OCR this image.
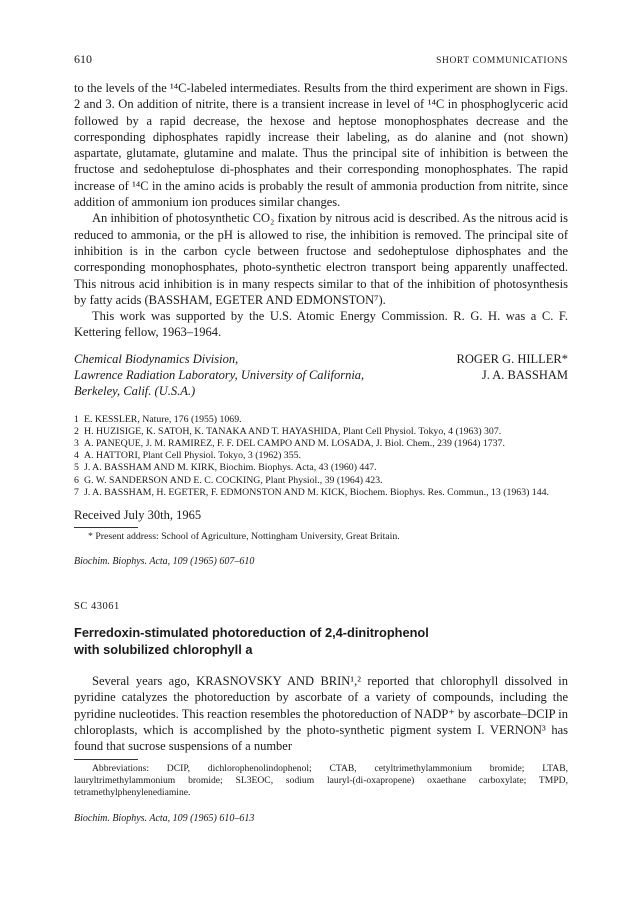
610	SHORT COMMUNICATIONS

to the levels of the ¹⁴C-labeled intermediates. Results from the third experiment are shown in Figs. 2 and 3. On addition of nitrite, there is a transient increase in level of ¹⁴C in phosphoglyceric acid followed by a rapid decrease, the hexose and heptose monophosphates decrease and the corresponding diphosphates rapidly increase their labeling, as do alanine and (not shown) aspartate, glutamate, glutamine and malate. Thus the principal site of inhibition is between the fructose and sedoheptulose di-phosphates and their corresponding monophosphates. The rapid increase of ¹⁴C in the amino acids is probably the result of ammonia production from nitrite, since addition of ammonium ion produces similar changes.

An inhibition of photosynthetic CO₂ fixation by nitrous acid is described. As the nitrous acid is reduced to ammonia, or the pH is allowed to rise, the inhibition is removed. The principal site of inhibition is in the carbon cycle between fructose and sedoheptulose diphosphates and the corresponding monophosphates, photo-synthetic electron transport being apparently unaffected. This nitrous acid inhibition is in many respects similar to that of the inhibition of photosynthesis by fatty acids (BASSHAM, EGETER AND EDMONSTON⁷).

This work was supported by the U.S. Atomic Energy Commission. R. G. H. was a C. F. Kettering fellow, 1963–1964.

Chemical Biodynamics Division,
Lawrence Radiation Laboratory, University of California,
Berkeley, Calif. (U.S.A.)
ROGER G. HILLER*
J. A. BASSHAM
1 E. KESSLER, Nature, 176 (1955) 1069.
2 H. HUZISIGE, K. SATOH, K. TANAKA AND T. HAYASHIDA, Plant Cell Physiol. Tokyo, 4 (1963) 307.
3 A. PANEQUE, J. M. RAMIREZ, F. F. DEL CAMPO AND M. LOSADA, J. Biol. Chem., 239 (1964) 1737.
4 A. HATTORI, Plant Cell Physiol. Tokyo, 3 (1962) 355.
5 J. A. BASSHAM AND M. KIRK, Biochim. Biophys. Acta, 43 (1960) 447.
6 G. W. SANDERSON AND E. C. COCKING, Plant Physiol., 39 (1964) 423.
7 J. A. BASSHAM, H. EGETER, F. EDMONSTON AND M. KICK, Biochem. Biophys. Res. Commun., 13 (1963) 144.
Received July 30th, 1965
* Present address: School of Agriculture, Nottingham University, Great Britain.
Biochim. Biophys. Acta, 109 (1965) 607–610
SC 43061
Ferredoxin-stimulated photoreduction of 2,4-dinitrophenol
with solubilized chlorophyll a

Several years ago, KRASNOVSKY AND BRIN¹,² reported that chlorophyll dissolved in pyridine catalyzes the photoreduction by ascorbate of a variety of compounds, including the pyridine nucleotides. This reaction resembles the photoreduction of NADP⁺ by ascorbate–DCIP in chloroplasts, which is accomplished by the photo-synthetic pigment system I. VERNON³ has found that sucrose suspensions of a number

Abbreviations: DCIP, dichlorophenolindophenol; CTAB, cetyltrimethylammonium bromide; LTAB, lauryltrimethylammonium bromide; SL3EOC, sodium lauryl-(di-oxapropene) oxaethane carboxylate; TMPD, tetramethylphenylenediamine.
Biochim. Biophys. Acta, 109 (1965) 610–613
